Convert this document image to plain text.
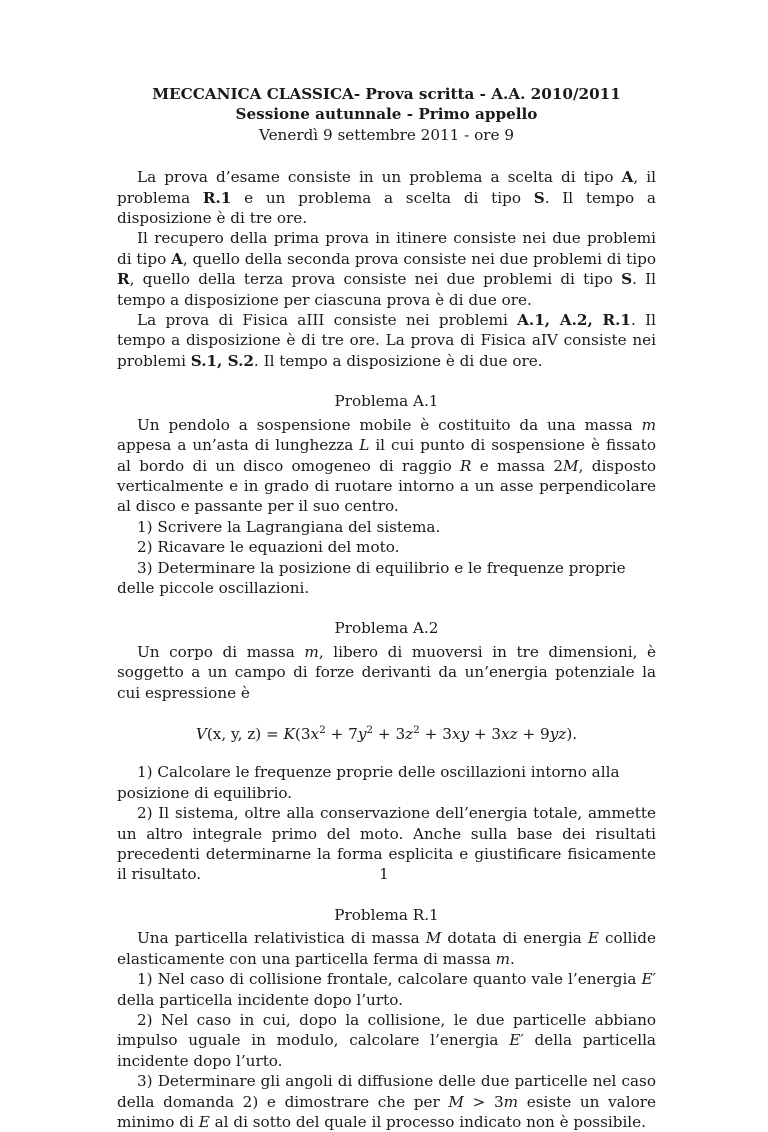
MECCANICA CLASSICA- Prova scritta - A.A. 2010/2011
Sessione autunnale - Primo appello
Venerdì 9 settembre 2011 - ore 9

La prova d’esame consiste in un problema a scelta di tipo A, il problema R.1 e un problema a scelta di tipo S. Il tempo a disposizione è di tre ore.

Il recupero della prima prova in itinere consiste nei due problemi di tipo A, quello della seconda prova consiste nei due problemi di tipo R, quello della terza prova consiste nei due problemi di tipo S. Il tempo a disposizione per ciascuna prova è di due ore.

La prova di Fisica aIII consiste nei problemi A.1, A.2, R.1. Il tempo a disposizione è di tre ore. La prova di Fisica aIV consiste nei problemi S.1, S.2. Il tempo a disposizione è di due ore.

Problema A.1

Un pendolo a sospensione mobile è costituito da una massa m appesa a un’asta di lunghezza L il cui punto di sospensione è fissato al bordo di un disco omogeneo di raggio R e massa 2M, disposto verticalmente e in grado di ruotare intorno a un asse perpendicolare al disco e passante per il suo centro.

1) Scrivere la Lagrangiana del sistema.

2) Ricavare le equazioni del moto.

3) Determinare la posizione di equilibrio e le frequenze proprie delle piccole oscillazioni.

Problema A.2

Un corpo di massa m, libero di muoversi in tre dimensioni, è soggetto a un campo di forze derivanti da un’energia potenziale la cui espressione è

V(x, y, $z) = K(3x^2 + 7y^2 + 3z^2 + 3xy + 3xz + 9yz)$.

1) Calcolare le frequenze proprie delle oscillazioni intorno alla posizione di equilibrio.

2) Il sistema, oltre alla conservazione dell’energia totale, ammette un altro integrale primo del moto. Anche sulla base dei risultati precedenti determinarne la forma esplicita e giustificare fisicamente il risultato.

Problema R.1

Una particella relativistica di massa M dotata di energia E collide elasticamente con una particella ferma di massa m.

1) Nel caso di collisione frontale, calcolare quanto vale l’energia E′ della particella incidente dopo l’urto.

2) Nel caso in cui, dopo la collisione, le due particelle abbiano impulso uguale in modulo, calcolare l’energia E′ della particella incidente dopo l’urto.

3) Determinare gli angoli di diffusione delle due particelle nel caso della domanda 2) e dimostrare che per M > 3m esiste un valore minimo di E al di sotto del quale il processo indicato non è possibile.

1
